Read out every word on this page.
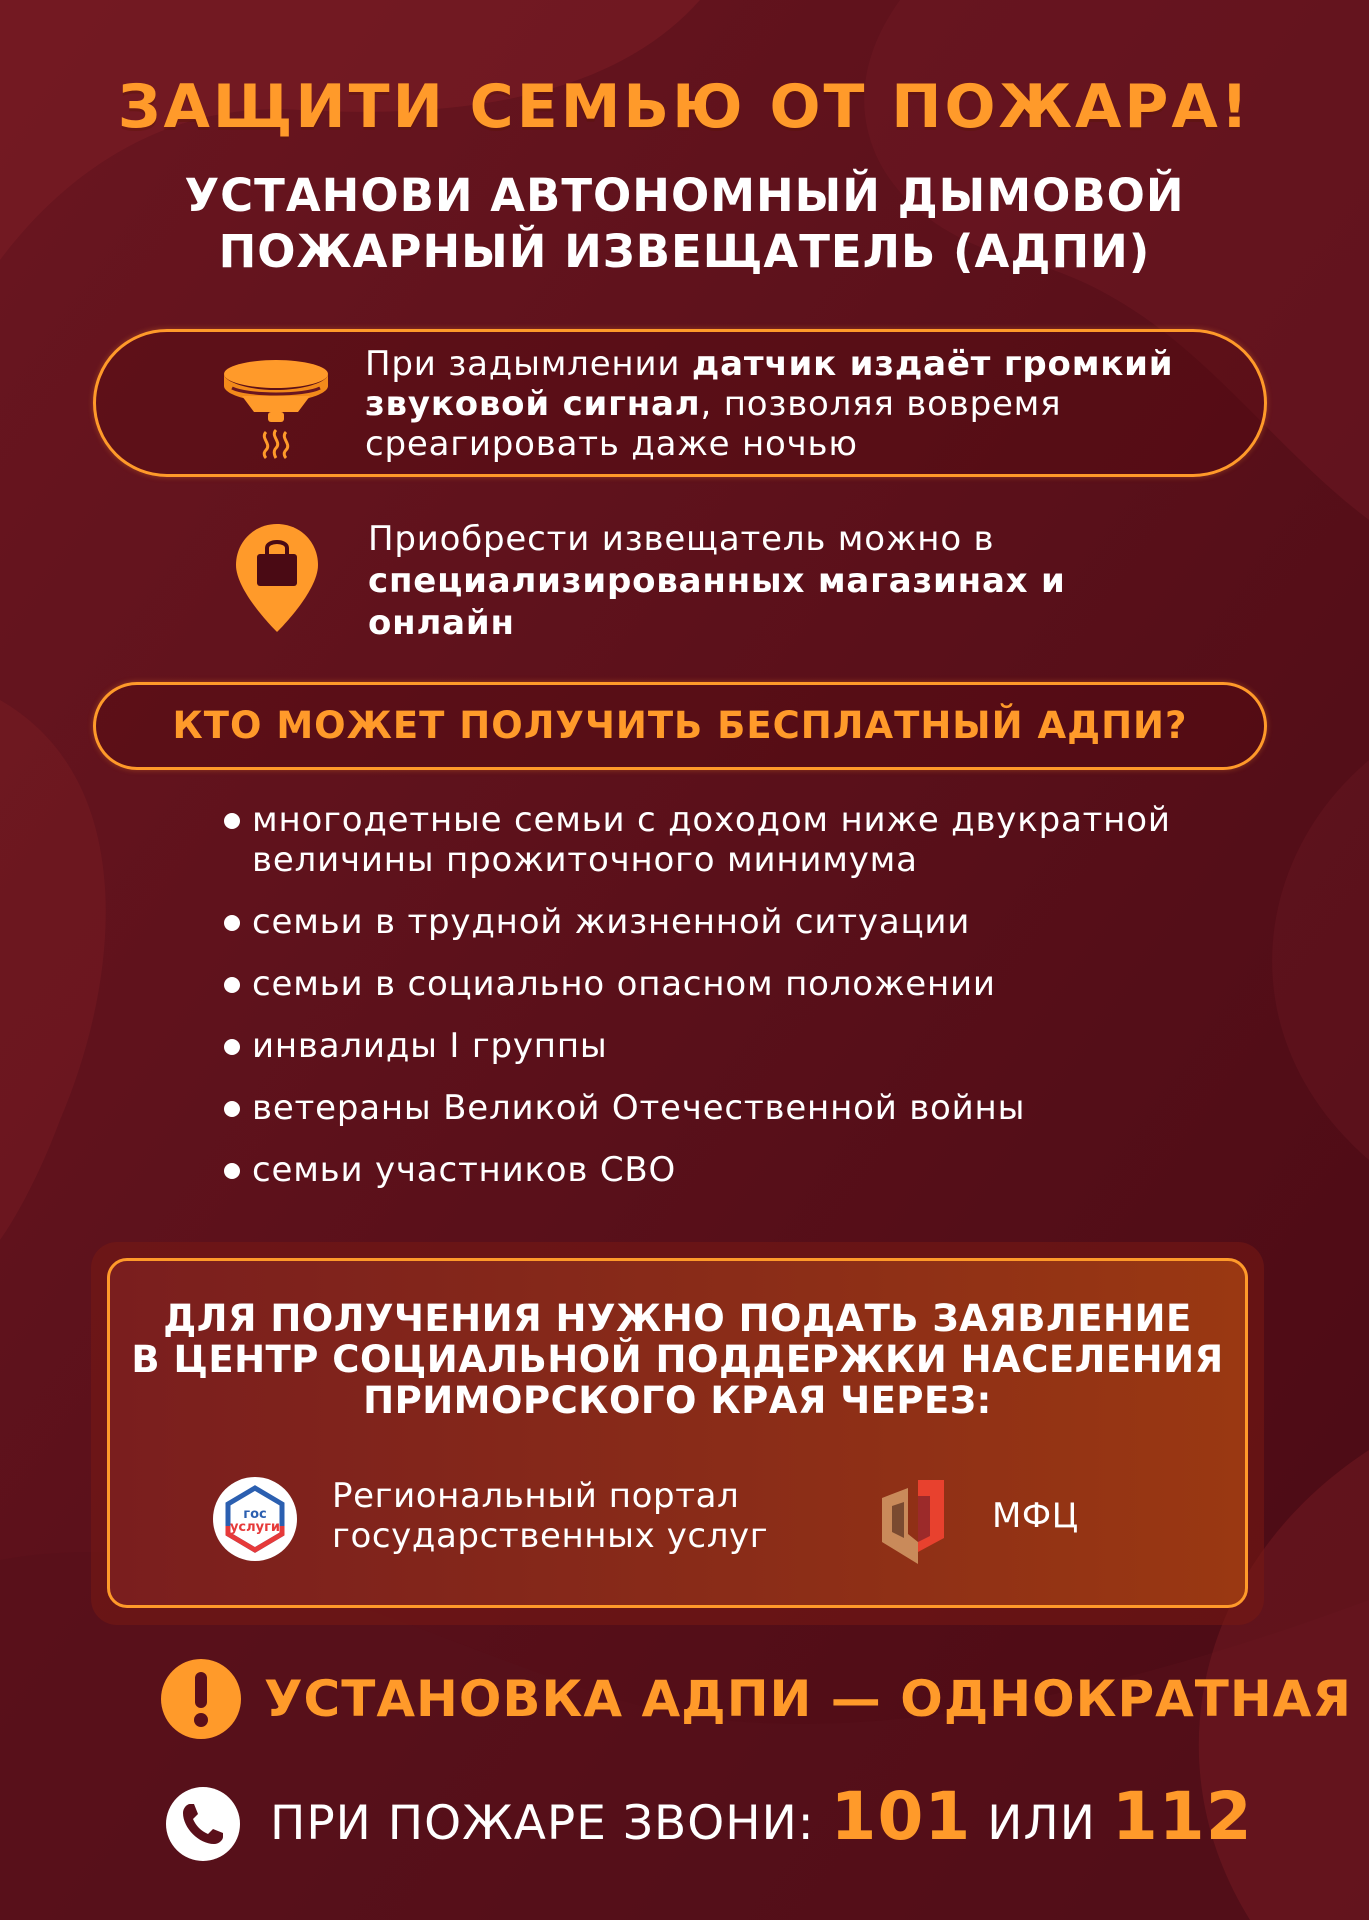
ЗАЩИТИ СЕМЬЮ ОТ ПОЖАРА!
УСТАНОВИ АВТОНОМНЫЙ ДЫМОВОЙ
ПОЖАРНЫЙ ИЗВЕЩАТЕЛЬ (АДПИ)
При задымлении датчик издаёт громкий звуковой сигнал, позволяя вовремя среагировать даже ночью
Приобрести извещатель можно в специализированных магазинах и онлайн
КТО МОЖЕТ ПОЛУЧИТЬ БЕСПЛАТНЫЙ АДПИ?
многодетные семьи с доходом ниже двукратной величины прожиточного минимума
семьи в трудной жизненной ситуации
семьи в социально опасном положении
инвалиды I группы
ветераны Великой Отечественной войны
семьи участников СВО
ДЛЯ ПОЛУЧЕНИЯ НУЖНО ПОДАТЬ ЗАЯВЛЕНИЕ
В ЦЕНТР СОЦИАЛЬНОЙ ПОДДЕРЖКИ НАСЕЛЕНИЯ
ПРИМОРСКОГО КРАЯ ЧЕРЕЗ:
гос
услуги
Региональный портал государственных услуг	МФЦ
УСТАНОВКА АДПИ — ОДНОКРАТНАЯ
ПРИ ПОЖАРЕ ЗВОНИ: 101 ИЛИ 112
